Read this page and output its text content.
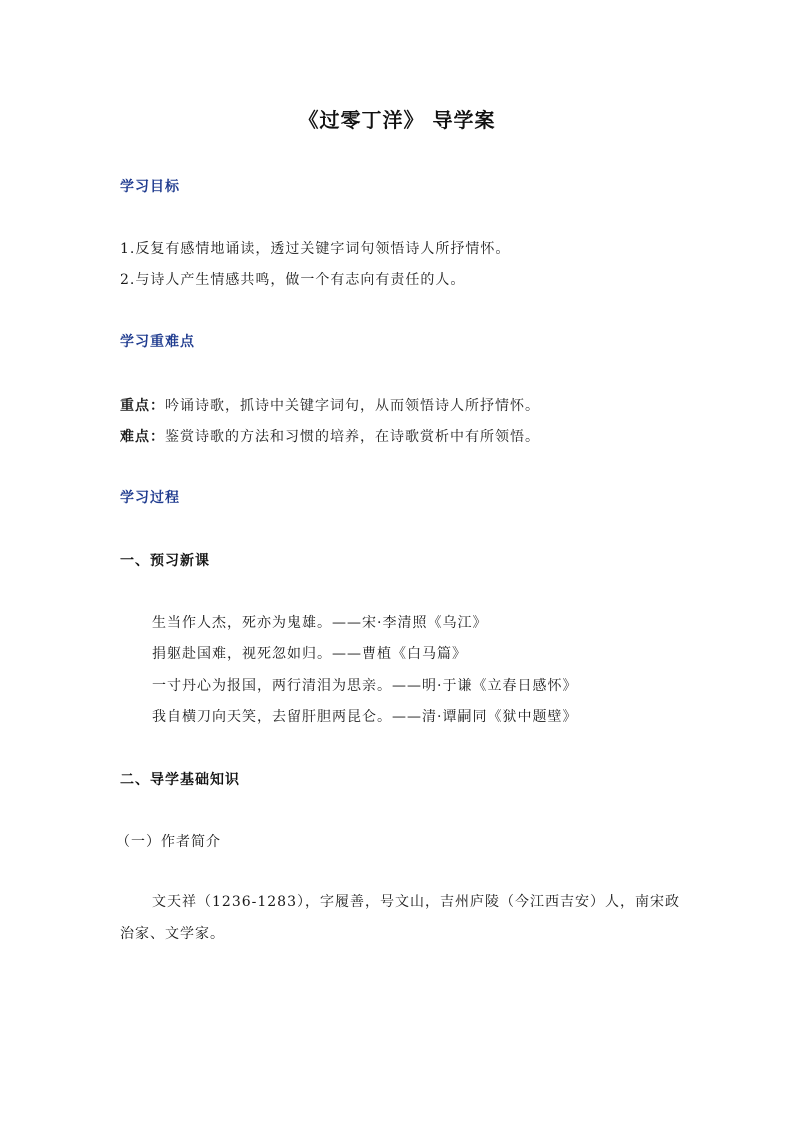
《过零丁洋》 导学案
学习目标
1.反复有感情地诵读，透过关键字词句领悟诗人所抒情怀。
2.与诗人产生情感共鸣，做一个有志向有责任的人。
学习重难点
重点：吟诵诗歌，抓诗中关键字词句，从而领悟诗人所抒情怀。
难点：鉴赏诗歌的方法和习惯的培养，在诗歌赏析中有所领悟。
学习过程
一、预习新课
生当作人杰，死亦为鬼雄。——宋·李清照《乌江》
捐躯赴国难，视死忽如归。——曹植《白马篇》
一寸丹心为报国，两行清泪为思亲。——明·于谦《立春日感怀》
我自横刀向天笑，去留肝胆两昆仑。——清·谭嗣同《狱中题壁》
二、导学基础知识
（一）作者简介
文天祥（1236-1283），字履善，号文山，吉州庐陵（今江西吉安）人，南宋政治家、文学家。
